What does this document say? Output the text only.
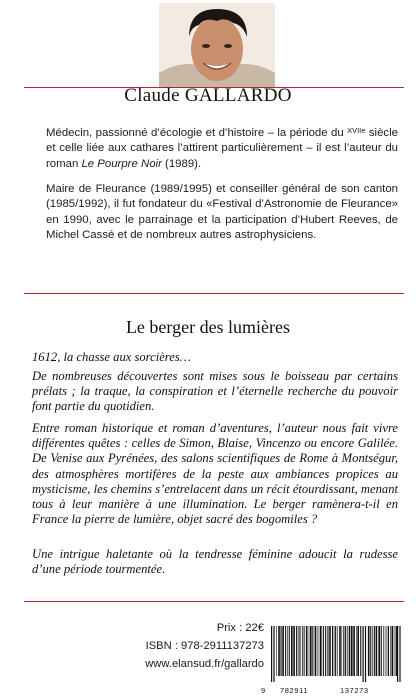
Claude GALLARDO

Médecin, passionné d’écologie et d’histoire – la période du $^{XVIIe}$ siècle et celle liée aux cathares l’attirent particulièrement – il est l’auteur du roman Le Pourpre Noir (1989).

Maire de Fleurance (1989/1995) et conseiller général de son canton (1985/1992), il fut fondateur du «Festival d’Astronomie de Fleurance» en 1990, avec le parrainage et la participation d’Hubert Reeves, de Michel Cassé et de nombreux autres astrophysiciens.

Le berger des lumières

1612, la chasse aux sorcières…

De nombreuses découvertes sont mises sous le boisseau par certains prélats ; la traque, la conspiration et l’éternelle recherche du pouvoir font partie du quotidien.

Entre roman historique et roman d’aventures, l’auteur nous fait vivre différentes quêtes : celles de Simon, Blaise, Vincenzo ou encore Galilée. De Venise aux Pyrénées, des salons scientifiques de Rome à Montségur, des atmosphères mortifères de la peste aux ambiances propices au mysticisme, les chemins s’entrelacent dans un récit étourdissant, menant tous à leur manière à une illumination. Le berger ramènera-t-il en France la pierre de lumière, objet sacré des bogomiles ?

Une intrigue haletante où la tendresse féminine adoucit la rudesse d’une période tourmentée.

Prix : 22€
ISBN : 978-2911137273
www.elansud.fr/gallardo
9 782911	137273
